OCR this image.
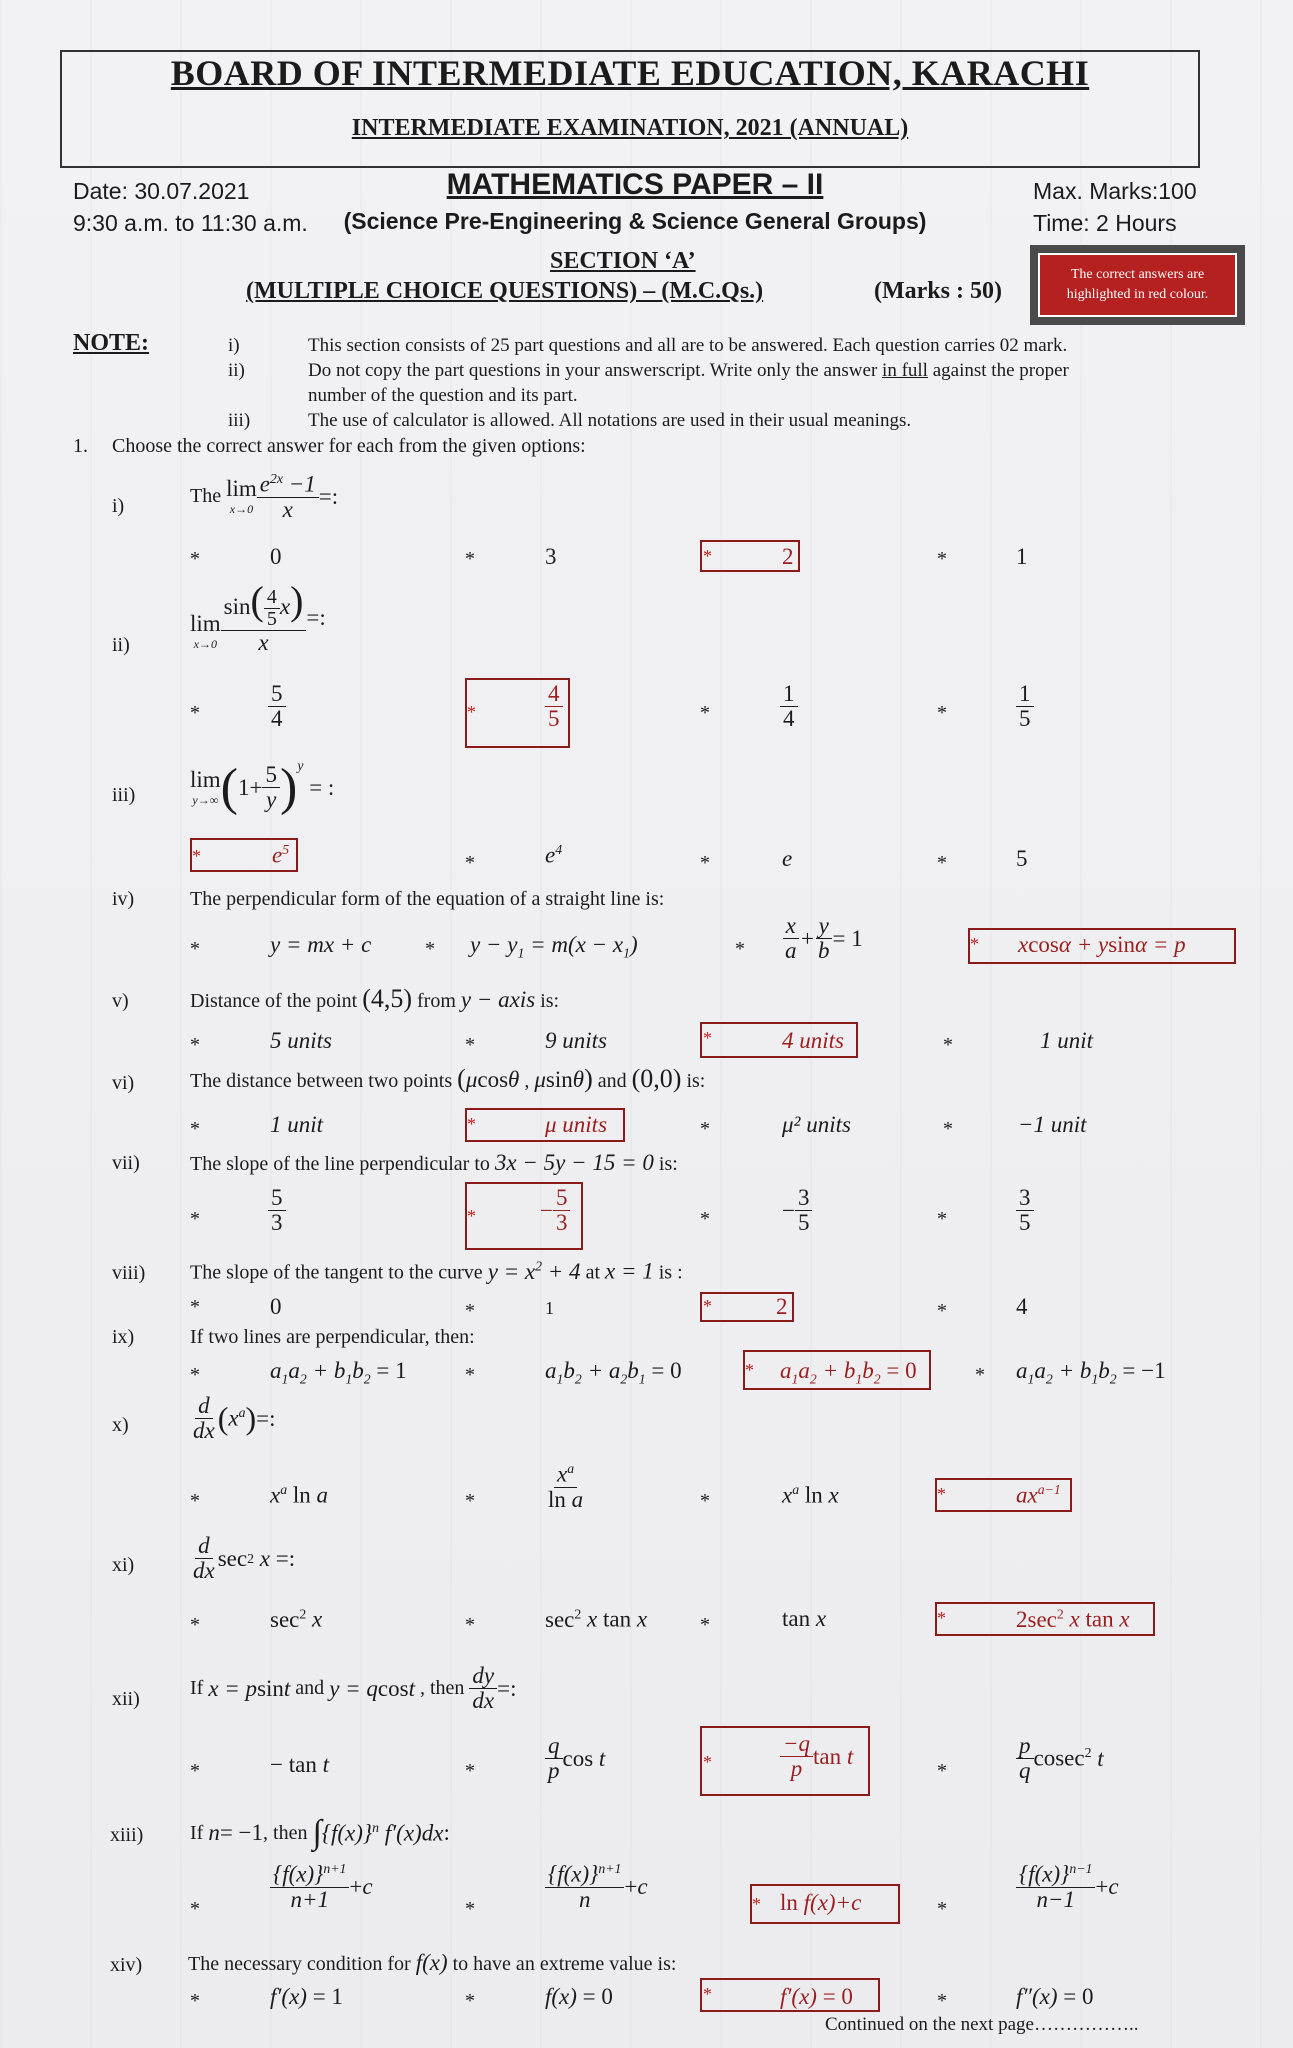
BOARD OF INTERMEDIATE EDUCATION, KARACHI
INTERMEDIATE EXAMINATION, 2021 (ANNUAL)
Date: 30.07.2021
9:30 a.m. to 11:30 a.m.
MATHEMATICS PAPER – II
(Science Pre-Engineering & Science General Groups)
Max. Marks:100
Time: 2 Hours
SECTION ‘A’
(MULTIPLE CHOICE QUESTIONS) – (M.C.Qs.)	(Marks : 50)
The correct answers are
highlighted in red colour.
NOTE:	i)	This section consists of 25 part questions and all are to be answered. Each question carries 02 mark.
ii)	Do not copy the part questions in your answerscript. Write only the answer in full against the proper
number of the question and its part.
iii)	The use of calculator is allowed. All notations are used in their usual meanings.
1. Choose the correct answer for each from the given options:
i)	The
lim
$x\to 0 \frac{e^{2x} -1}{x}$ =:
*	0	*	3	*	2	*	1
ii)
lim
$x\to 0 \frac{\sin( \frac{4}{5} x)}{x}$ =:
*	$\frac{5}{4}$	*	$\frac{4}{5}$	*	$\frac{1}{4}$	*	$\frac{1}{5}$
iii)
lim
y→∞ ( $1+ \frac{5}{y} )^y$
= :
*	$e^5$
*	$e^4$
*	e	*	5
iv)	The perpendicular form of the equation of a straight line is:
*	y = mx + c	* $y - y_1 = m(x - x_1)$	* $\frac{x}{a} + \frac{y}{b} = 1$	* xcosα + ysinα = p
v)	Distance of the point (4,5) from y − axis is:
*	5 units	*	9 units	*	4 units	*	1 unit
vi)	The distance between two points (μcosθ , μsinθ) and (0,0) is:
*	1 unit	*	μ units	*	μ² units	*	−1 unit
vii)	The slope of the line perpendicular to 3x − 5y − 15 = 0 is:
*	$\frac{5}{3}$	*	− $\frac{5}{3}$	*	− $\frac{3}{5}$	*	$\frac{3}{5}$
viii) The slope of the tangent to the curve $y = x^2 + 4$ at x = 1 is :
*	0	*	1	*	2	*	4
ix)	If two lines are perpendicular, then:
*	$a_1a_2 + b_1b_2 = 1$	*	$a_1b_2 + a_2b_1 = 0$	* $a_1a_2 + b_1b_2 = 0$	* $a_1a_2 + b_1b_2 = -1$
x)	$\frac{d}{dx}$ ( $x^a$ ) =:
*	$x^a$ ln a	*	$\frac{x^a}{\text{ln a}}$	*	$x^a$ ln x	*	$ax^{a-1}$
$xi) \frac{d}{dx}$ sec 2
x =:
*	$\sec^2 x$	*	$\sec^2 x$ tan x	*	tan x	*	$2\sec^2$ x tan x
xii)	If
x = p sin t
and
y = q cos t
, then
$\frac{dy}{dx}$ =:
*	− tan t	*	$\frac{q}{p}$ cos t	*	$\frac{-q}{p}$ tan t
*	$\frac{p}{q} cosec^2$ t
xiii) If
n = −1 , then
∫ $\{f(x)\}^n$ f′(x)dx :
*	$\frac{\{f(x)\}^{n+1}}{n+1} + c$
*	$\frac{\{f(x)\}^{n+1}}{n} + c$
* ln f(x)+c	*	$\frac{\{f(x)\}^{n-1}}{n-1} + c$
xiv) The necessary condition for f(x) to have an extreme value is:
*	f′(x) = 1	*	f(x) = 0	*	f′(x) = 0	*	f″(x) = 0
Continued on the next page……………..
